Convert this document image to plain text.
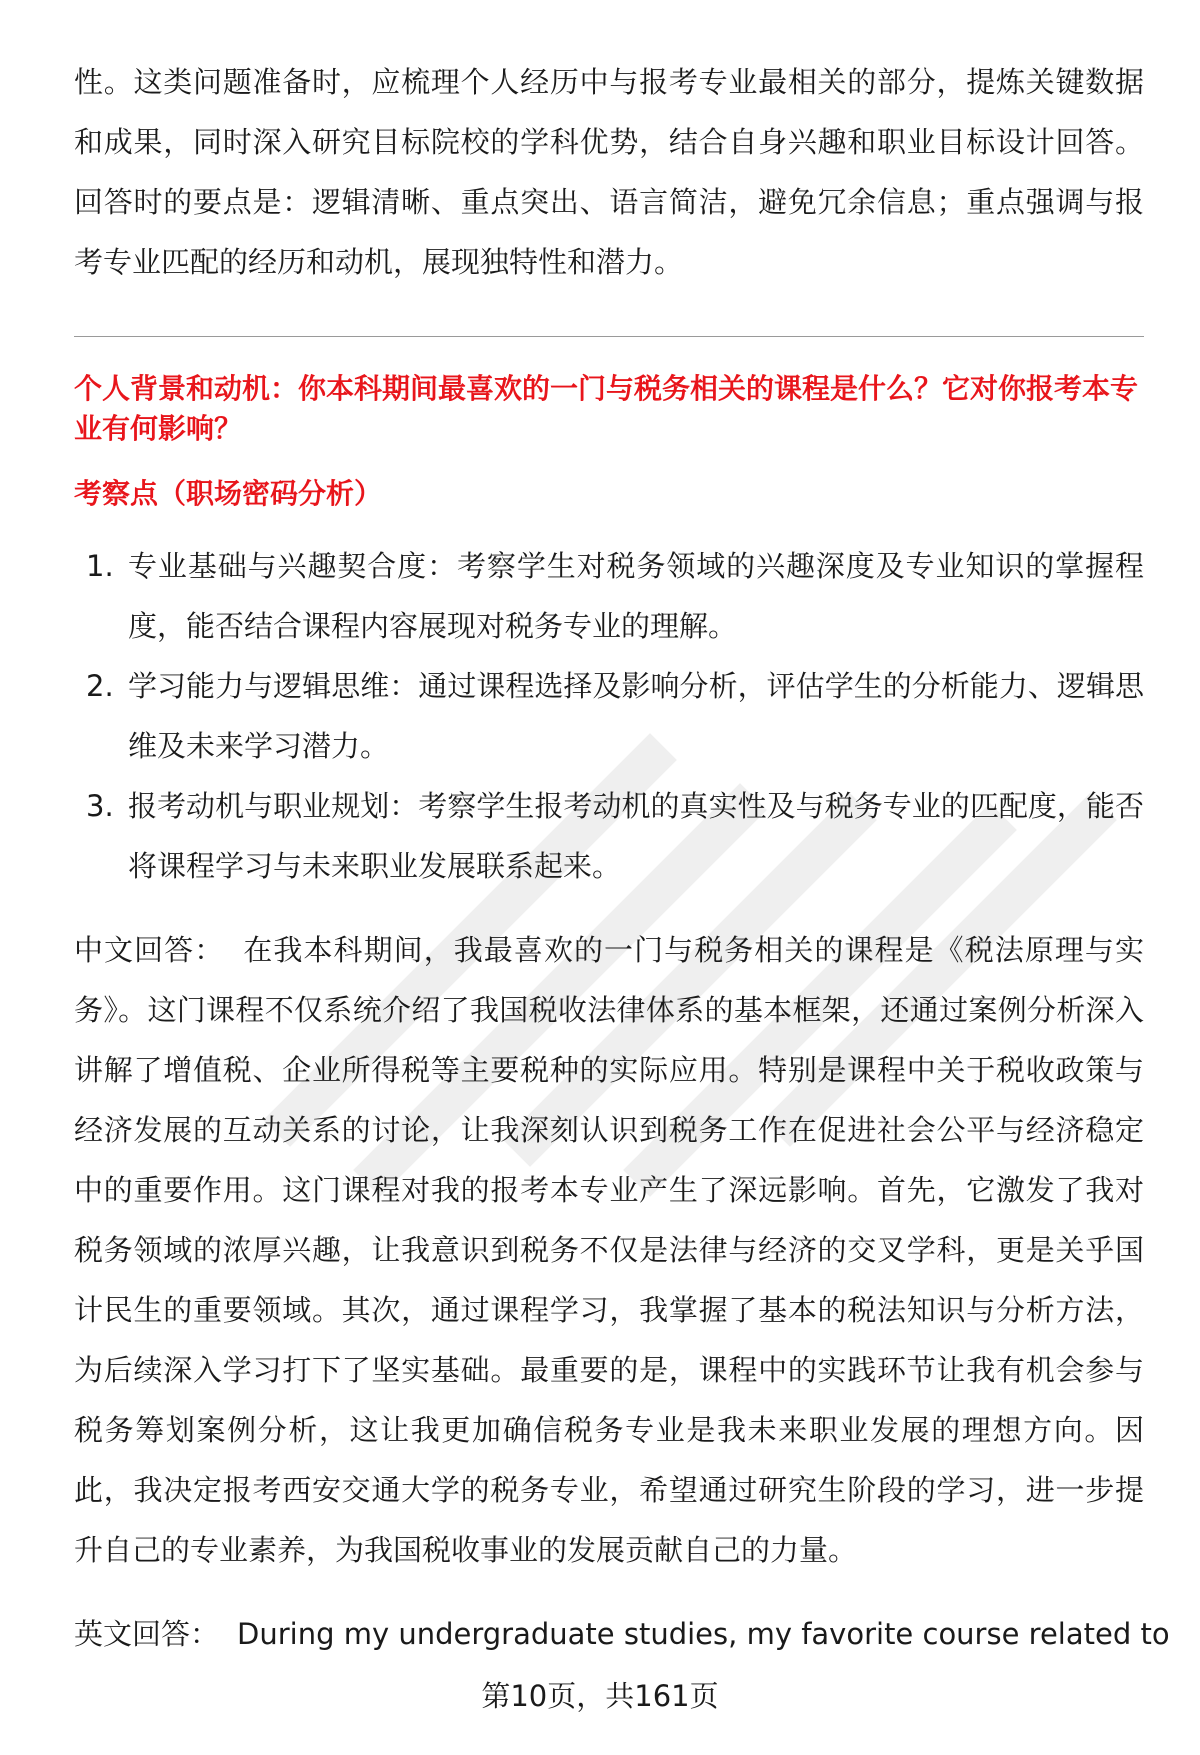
性。这类问题准备时，应梳理个人经历中与报考专业最相关的部分，提炼关键数据和成果，同时深入研究目标院校的学科优势，结合自身兴趣和职业目标设计回答。回答时的要点是：逻辑清晰、重点突出、语言简洁，避免冗余信息；重点强调与报考专业匹配的经历和动机，展现独特性和潜力。

个人背景和动机：你本科期间最喜欢的一门与税务相关的课程是什么？它对你报考本专业有何影响？

考察点（职场密码分析）

1. 专业基础与兴趣契合度：考察学生对税务领域的兴趣深度及专业知识的掌握程度，能否结合课程内容展现对税务专业的理解。
2. 学习能力与逻辑思维：通过课程选择及影响分析，评估学生的分析能力、逻辑思维及未来学习潜力。
3. 报考动机与职业规划：考察学生报考动机的真实性及与税务专业的匹配度，能否将课程学习与未来职业发展联系起来。

中文回答： 在我本科期间，我最喜欢的一门与税务相关的课程是《税法原理与实务》。这门课程不仅系统介绍了我国税收法律体系的基本框架，还通过案例分析深入讲解了增值税、企业所得税等主要税种的实际应用。特别是课程中关于税收政策与经济发展的互动关系的讨论，让我深刻认识到税务工作在促进社会公平与经济稳定中的重要作用。这门课程对我的报考本专业产生了深远影响。首先，它激发了我对税务领域的浓厚兴趣，让我意识到税务不仅是法律与经济的交叉学科，更是关乎国计民生的重要领域。其次，通过课程学习，我掌握了基本的税法知识与分析方法，为后续深入学习打下了坚实基础。最重要的是，课程中的实践环节让我有机会参与税务筹划案例分析，这让我更加确信税务专业是我未来职业发展的理想方向。因此，我决定报考西安交通大学的税务专业，希望通过研究生阶段的学习，进一步提升自己的专业素养，为我国税收事业的发展贡献自己的力量。

英文回答： During my undergraduate studies, my favorite course related to

第10页，共161页
